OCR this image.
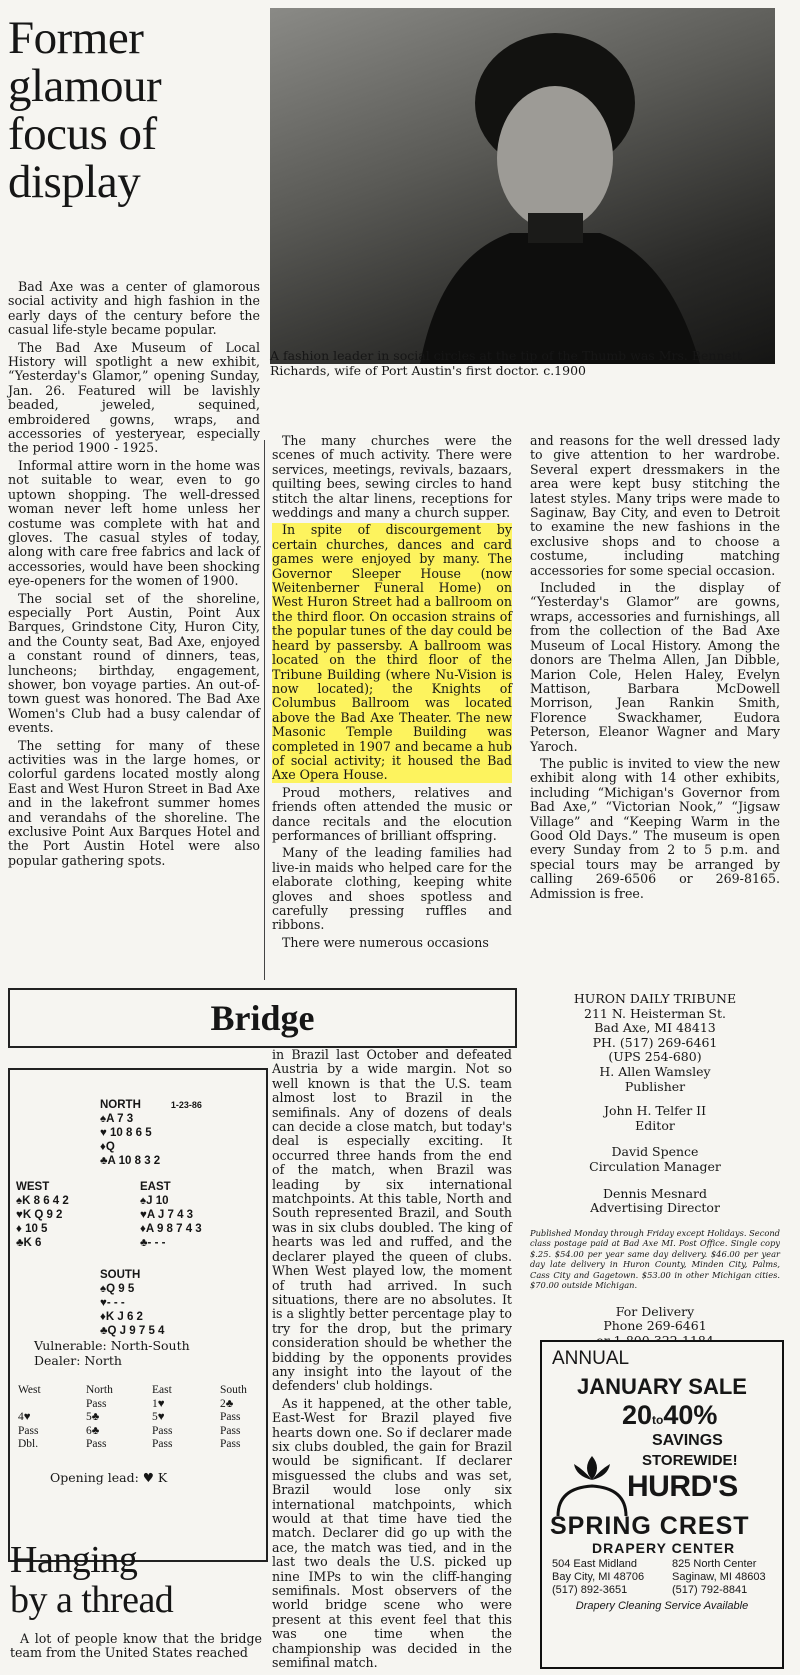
Former
glamour
focus of
display
A fashion leader in social circles at the tip of the Thumb was Mrs. Bennett Richards, wife of Port Austin's first doctor. c.1900

Bad Axe was a center of glamorous social activity and high fashion in the early days of the century before the casual life-style became popular.

The Bad Axe Museum of Local History will spotlight a new exhibit, “Yesterday's Glamor,” opening Sunday, Jan. 26. Featured will be lavishly beaded, jeweled, sequined, embroidered gowns, wraps, and accessories of yesteryear, especially the period 1900 - 1925.

Informal attire worn in the home was not suitable to wear, even to go uptown shopping. The well-dressed woman never left home unless her costume was complete with hat and gloves. The casual styles of today, along with care free fabrics and lack of accessories, would have been shocking eye-openers for the women of 1900.

The social set of the shoreline, especially Port Austin, Point Aux Barques, Grindstone City, Huron City, and the County seat, Bad Axe, enjoyed a constant round of dinners, teas, luncheons; birthday, engagement, shower, bon voyage parties. An out-of-town guest was honored. The Bad Axe Women's Club had a busy calendar of events.

The setting for many of these activities was in the large homes, or colorful gardens located mostly along East and West Huron Street in Bad Axe and in the lakefront summer homes and verandahs of the shoreline. The exclusive Point Aux Barques Hotel and the Port Austin Hotel were also popular gathering spots.

The many churches were the scenes of much activity. There were services, meetings, revivals, bazaars, quilting bees, sewing circles to hand stitch the altar linens, receptions for weddings and many a church supper.

In spite of discourgement by certain churches, dances and card games were enjoyed by many. The Governor Sleeper House (now Weitenberner Funeral Home) on West Huron Street had a ballroom on the third floor. On occasion strains of the popular tunes of the day could be heard by passersby. A ballroom was located on the third floor of the Tribune Building (where Nu-Vision is now located); the Knights of Columbus Ballroom was located above the Bad Axe Theater. The new Masonic Temple Building was completed in 1907 and became a hub of social activity; it housed the Bad Axe Opera House.

Proud mothers, relatives and friends often attended the music or dance recitals and the elocution performances of brilliant offspring.

Many of the leading families had live-in maids who helped care for the elaborate clothing, keeping white gloves and shoes spotless and carefully pressing ruffles and ribbons.

There were numerous occasions

and reasons for the well dressed lady to give attention to her wardrobe. Several expert dressmakers in the area were kept busy stitching the latest styles. Many trips were made to Saginaw, Bay City, and even to Detroit to examine the new fashions in the exclusive shops and to choose a costume, including matching accessories for some special occasion.

Included in the display of “Yesterday's Glamor” are gowns, wraps, accessories and furnishings, all from the collection of the Bad Axe Museum of Local History. Among the donors are Thelma Allen, Jan Dibble, Marion Cole, Helen Haley, Evelyn Mattison, Barbara McDowell Morrison, Jean Rankin Smith, Florence Swackhamer, Eudora Peterson, Eleanor Wagner and Mary Yaroch.

The public is invited to view the new exhibit along with 14 other exhibits, including “Michigan's Governor from Bad Axe,” “Victorian Nook,” “Jigsaw Village” and “Keeping Warm in the Good Old Days.” The museum is open every Sunday from 2 to 5 p.m. and special tours may be arranged by calling 269-6506 or 269-8165. Admission is free.

HURON DAILY TRIBUNE
211 N. Heisterman St.
Bad Axe, MI 48413
PH. (517) 269-6461
(UPS 254-680)
H. Allen Wamsley
Publisher
John H. Telfer II
Editor
David Spence
Circulation Manager
Dennis Mesnard
Advertising Director
Published Monday through Friday except Holidays. Second class postage paid at Bad Axe MI. Post Office. Single copy $.25. $54.00 per year same day delivery. $46.00 per year day late delivery in Huron County, Minden City, Palms, Cass City and Gagetown. $53.00 in other Michigan cities. $70.00 outside Michigan.
For Delivery
Phone 269-6461
Bridge
NORTH	1-23-86
♠A 7 3
♥ 10 8 6 5
♦Q
♣A 10 8 3 2
WEST
♠K 8 6 4 2
♥K Q 9 2
♦ 10 5
♣K 6
EAST
♠J 10
♥A J 7 4 3
♦A 9 8 7 4 3
♣- - -
SOUTH
♠Q 9 5
♥- - -
♦K J 6 2
♣Q J 9 7 5 4
Vulnerable: North-South
Dealer: North
West	North	East	South
	Pass	1♥	2♣
4♥	5♣	5♥	Pass
Pass	6♣	Pass	Pass
Dbl.	Pass	Pass	Pass
Opening lead: ♥ K

in Brazil last October and defeated Austria by a wide margin. Not so well known is that the U.S. team almost lost to Brazil in the semifinals. Any of dozens of deals can decide a close match, but today's deal is especially exciting. It occurred three hands from the end of the match, when Brazil was leading by six international matchpoints. At this table, North and South represented Brazil, and South was in six clubs doubled. The king of hearts was led and ruffed, and the declarer played the queen of clubs. When West played low, the moment of truth had arrived. In such situations, there are no absolutes. It is a slightly better percentage play to try for the drop, but the primary consideration should be whether the bidding by the opponents provides any insight into the layout of the defenders' club holdings.

As it happened, at the other table, East-West for Brazil played five hearts down one. So if declarer made six clubs doubled, the gain for Brazil would be significant. If declarer misguessed the clubs and was set, Brazil would lose only six international matchpoints, which would at that time have tied the match. Declarer did go up with the ace, the match was tied, and in the last two deals the U.S. picked up nine IMPs to win the cliff-hanging semifinals. Most observers of the world bridge scene who were present at this event feel that this was one time when the championship was decided in the semifinal match.

Hanging
by a thread

A lot of people know that the bridge team from the United States reached

ANNUAL
JANUARY SALE
20to40%
SAVINGS
STOREWIDE!
HURD'S
SPRING CREST
DRAPERY CENTER
504 East Midland
Bay City, MI 48706
(517) 892-3651
825 North Center
Saginaw, MI 48603
(517) 792-8841
Drapery Cleaning Service Available
